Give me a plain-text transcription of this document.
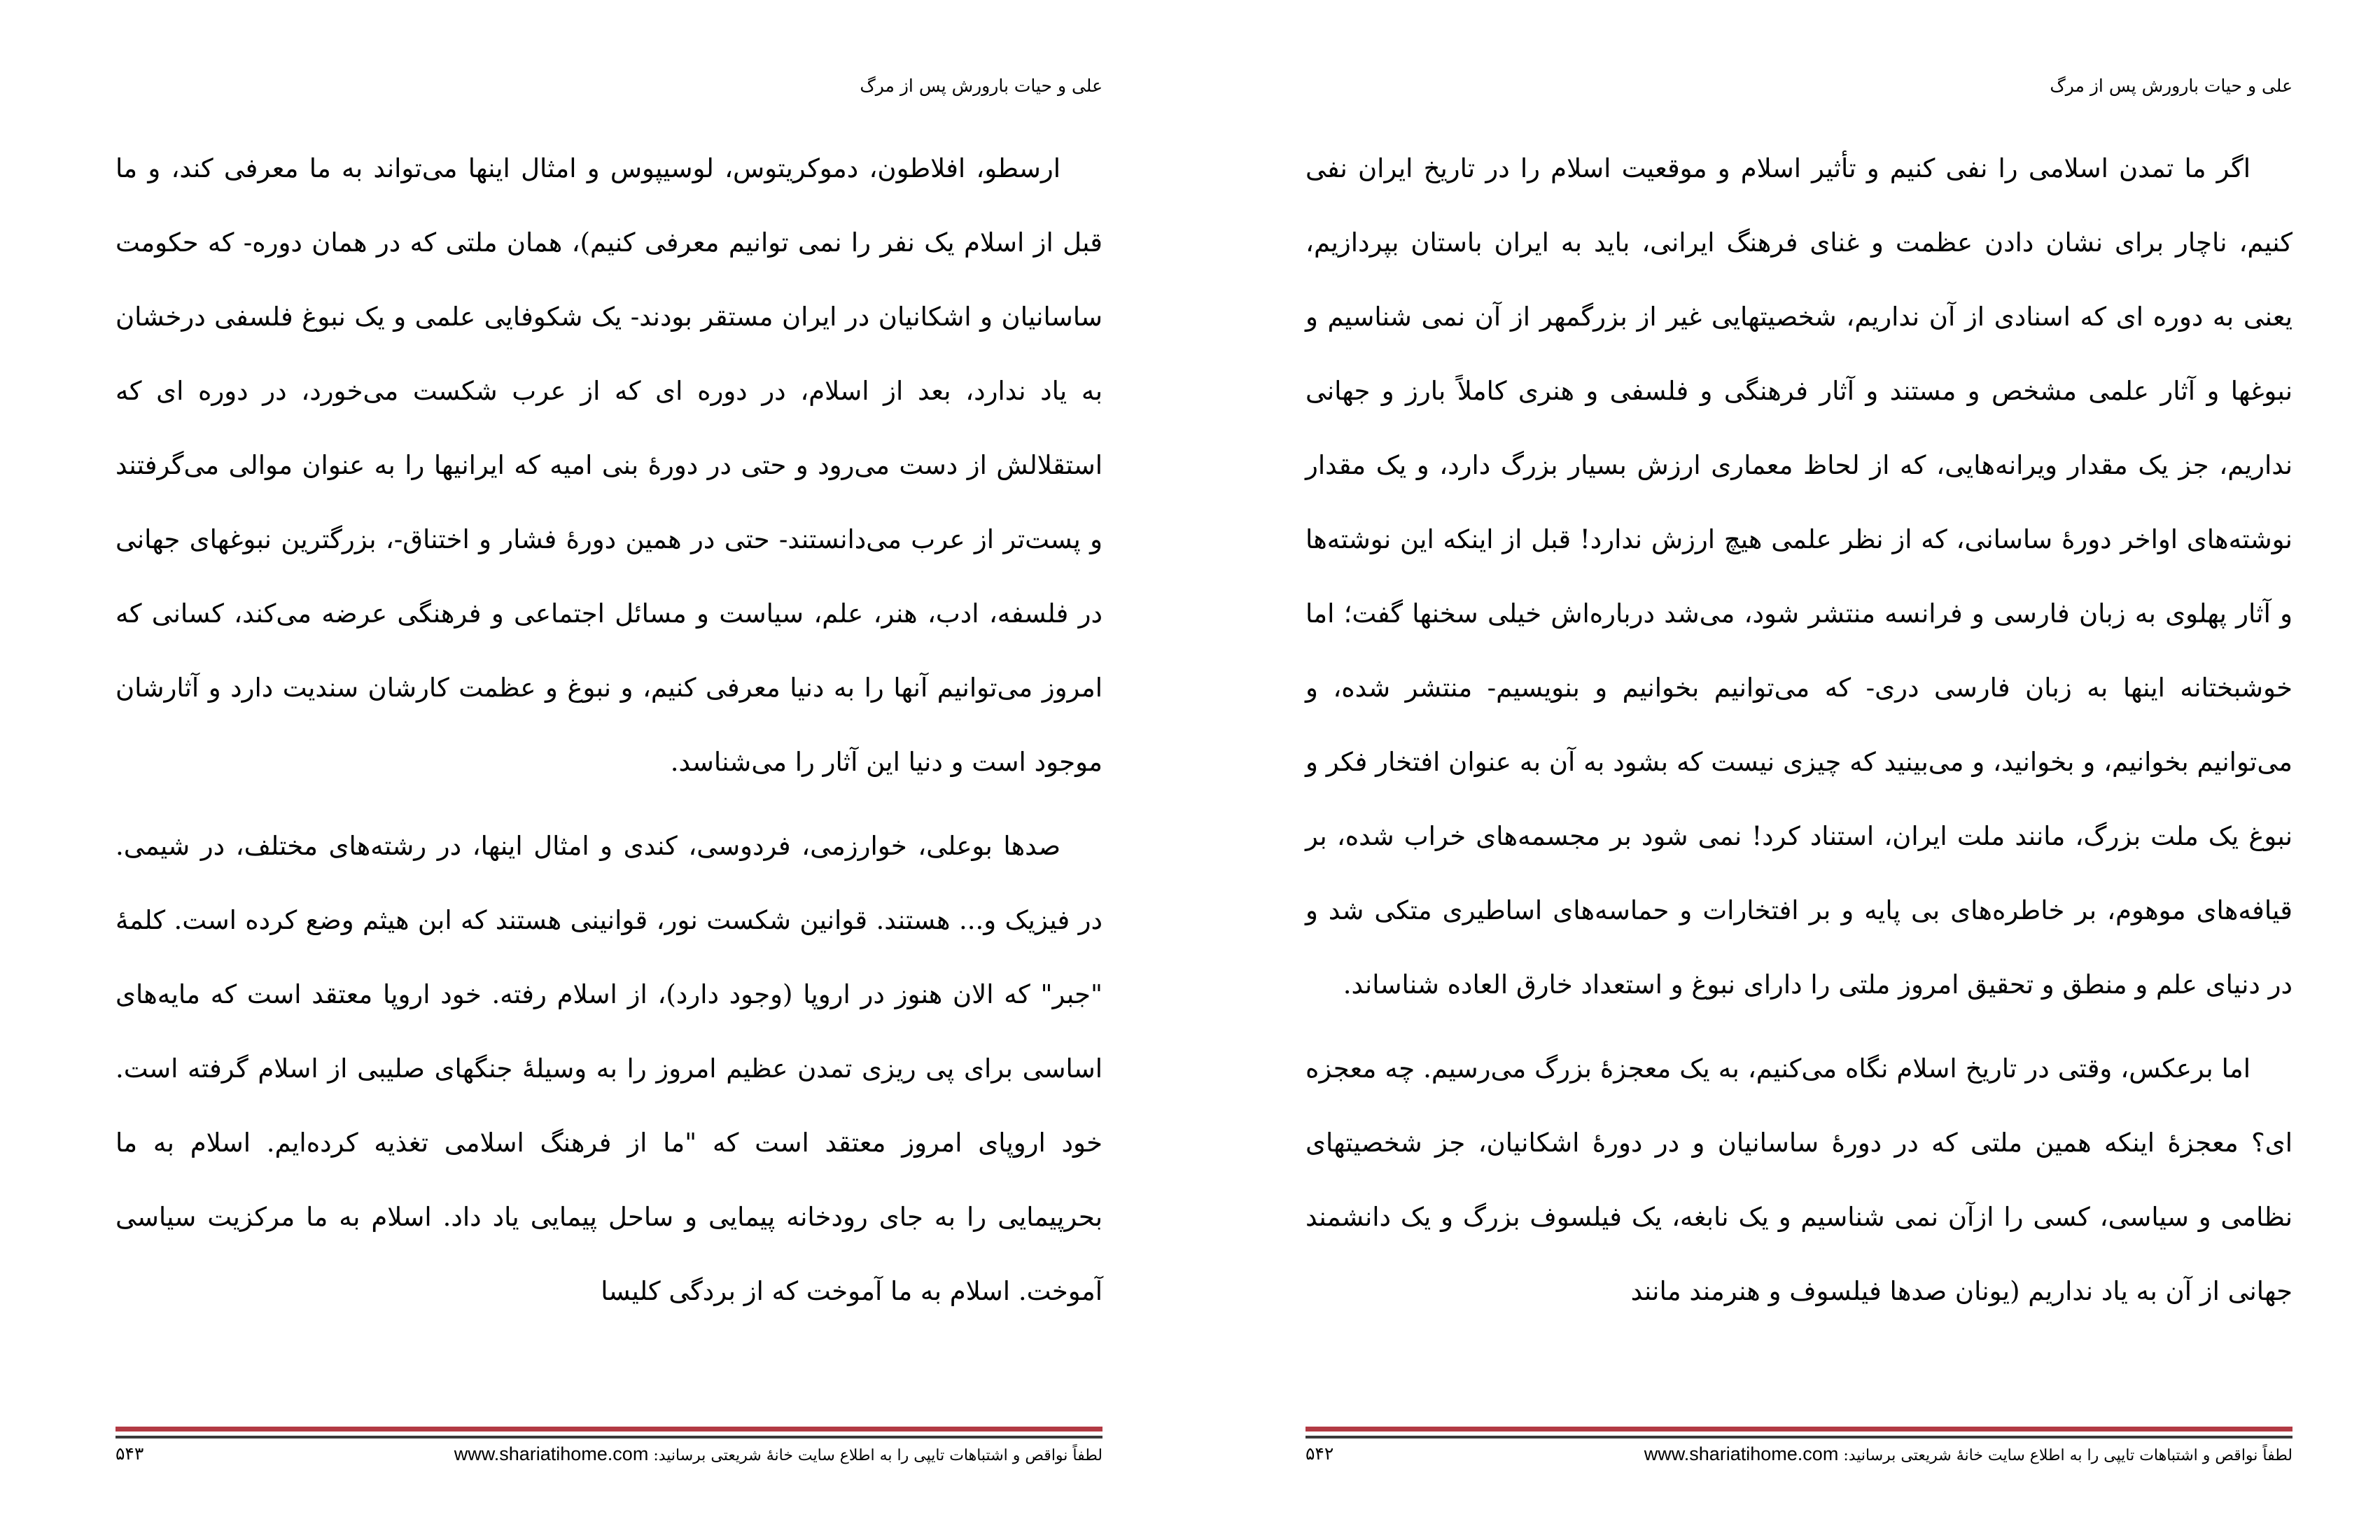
علی و حیات بارورش پس از مرگ

ارسطو، افلاطون، دموکریتوس، لوسیپوس و امثال اینها می‌تواند به ما معرفی کند، و ما قبل از اسلام یک نفر را نمی توانیم معرفی کنیم)، همان ملتی که در همان دوره- که حکومت ساسانیان و اشکانیان در ایران مستقر بودند- یک شکوفایی علمی و یک نبوغ فلسفی درخشان به یاد ندارد، بعد از اسلام، در دوره ای که از عرب شکست می‌خورد، در دوره ای که استقلالش از دست می‌رود و حتی در دورۀ بنی امیه که ایرانیها را به عنوان موالی می‌گرفتند و پست‌تر از عرب می‌دانستند- حتی در همین دورۀ فشار و اختناق-، بزرگترین نبوغهای جهانی در فلسفه، ادب، هنر، علم، سیاست و مسائل اجتماعی و فرهنگی عرضه می‌کند، کسانی که امروز می‌توانیم آنها را به دنیا معرفی کنیم، و نبوغ و عظمت کارشان سندیت دارد و آثارشان موجود است و دنیا این آثار را می‌شناسد.

صدها بوعلی، خوارزمی، فردوسی، کندی و امثال اینها، در رشته‌های مختلف، در شیمی. در فیزیک و... هستند. قوانین شکست نور، قوانینی هستند که ابن هیثم وضع کرده است. کلمۀ "جبر" که الان هنوز در اروپا (وجود دارد)، از اسلام رفته. خود اروپا معتقد است که مایه‌های اساسی برای پی ریزی تمدن عظیم امروز را به وسیلۀ جنگهای صلیبی از اسلام گرفته است. خود اروپای امروز معتقد است که "ما از فرهنگ اسلامی تغذیه کرده‌ایم. اسلام به ما بحرپیمایی را به جای رودخانه پیمایی و ساحل پیمایی یاد داد. اسلام به ما مرکزیت سیاسی آموخت. اسلام به ما آموخت که از بردگی کلیسا

۵۴۳	لطفاً نواقص و اشتباهات تایپی را به اطلاع سایت خانۀ شریعتی برسانید: www.shariatihome.com
علی و حیات بارورش پس از مرگ

اگر ما تمدن اسلامی را نفی کنیم و تأثیر اسلام و موقعیت اسلام را در تاریخ ایران نفی کنیم، ناچار برای نشان دادن عظمت و غنای فرهنگ ایرانی، باید به ایران باستان بپردازیم، یعنی به دوره ای که اسنادی از آن نداریم، شخصیتهایی غیر از بزرگمهر از آن نمی شناسیم و نبوغها و آثار علمی مشخص و مستند و آثار فرهنگی و فلسفی و هنری کاملاً بارز و جهانی نداریم، جز یک مقدار ویرانه‌هایی، که از لحاظ معماری ارزش بسیار بزرگ دارد، و یک مقدار نوشته‌های اواخر دورۀ ساسانی، که از نظر علمی هیچ ارزش ندارد! قبل از اینکه این نوشته‌ها و آثار پهلوی به زبان فارسی و فرانسه منتشر شود، می‌شد درباره‌اش خیلی سخنها گفت؛ اما خوشبختانه اینها به زبان فارسی دری- که می‌توانیم بخوانیم و بنویسیم- منتشر شده، و می‌توانیم بخوانیم، و بخوانید، و می‌بینید که چیزی نیست که بشود به آن به عنوان افتخار فکر و نبوغ یک ملت بزرگ، مانند ملت ایران، استناد کرد! نمی شود بر مجسمه‌های خراب شده، بر قیافه‌های موهوم، بر خاطره‌های بی پایه و بر افتخارات و حماسه‌های اساطیری متکی شد و در دنیای علم و منطق و تحقیق امروز ملتی را دارای نبوغ و استعداد خارق العاده شناساند.

اما برعکس، وقتی در تاریخ اسلام نگاه می‌کنیم، به یک معجزۀ بزرگ می‌رسیم. چه معجزه ای؟ معجزۀ اینکه همین ملتی که در دورۀ ساسانیان و در دورۀ اشکانیان، جز شخصیتهای نظامی و سیاسی، کسی را ازآن نمی شناسیم و یک نابغه، یک فیلسوف بزرگ و یک دانشمند جهانی از آن به یاد نداریم (یونان صدها فیلسوف و هنرمند مانند

۵۴۲	لطفاً نواقص و اشتباهات تایپی را به اطلاع سایت خانۀ شریعتی برسانید: www.shariatihome.com
